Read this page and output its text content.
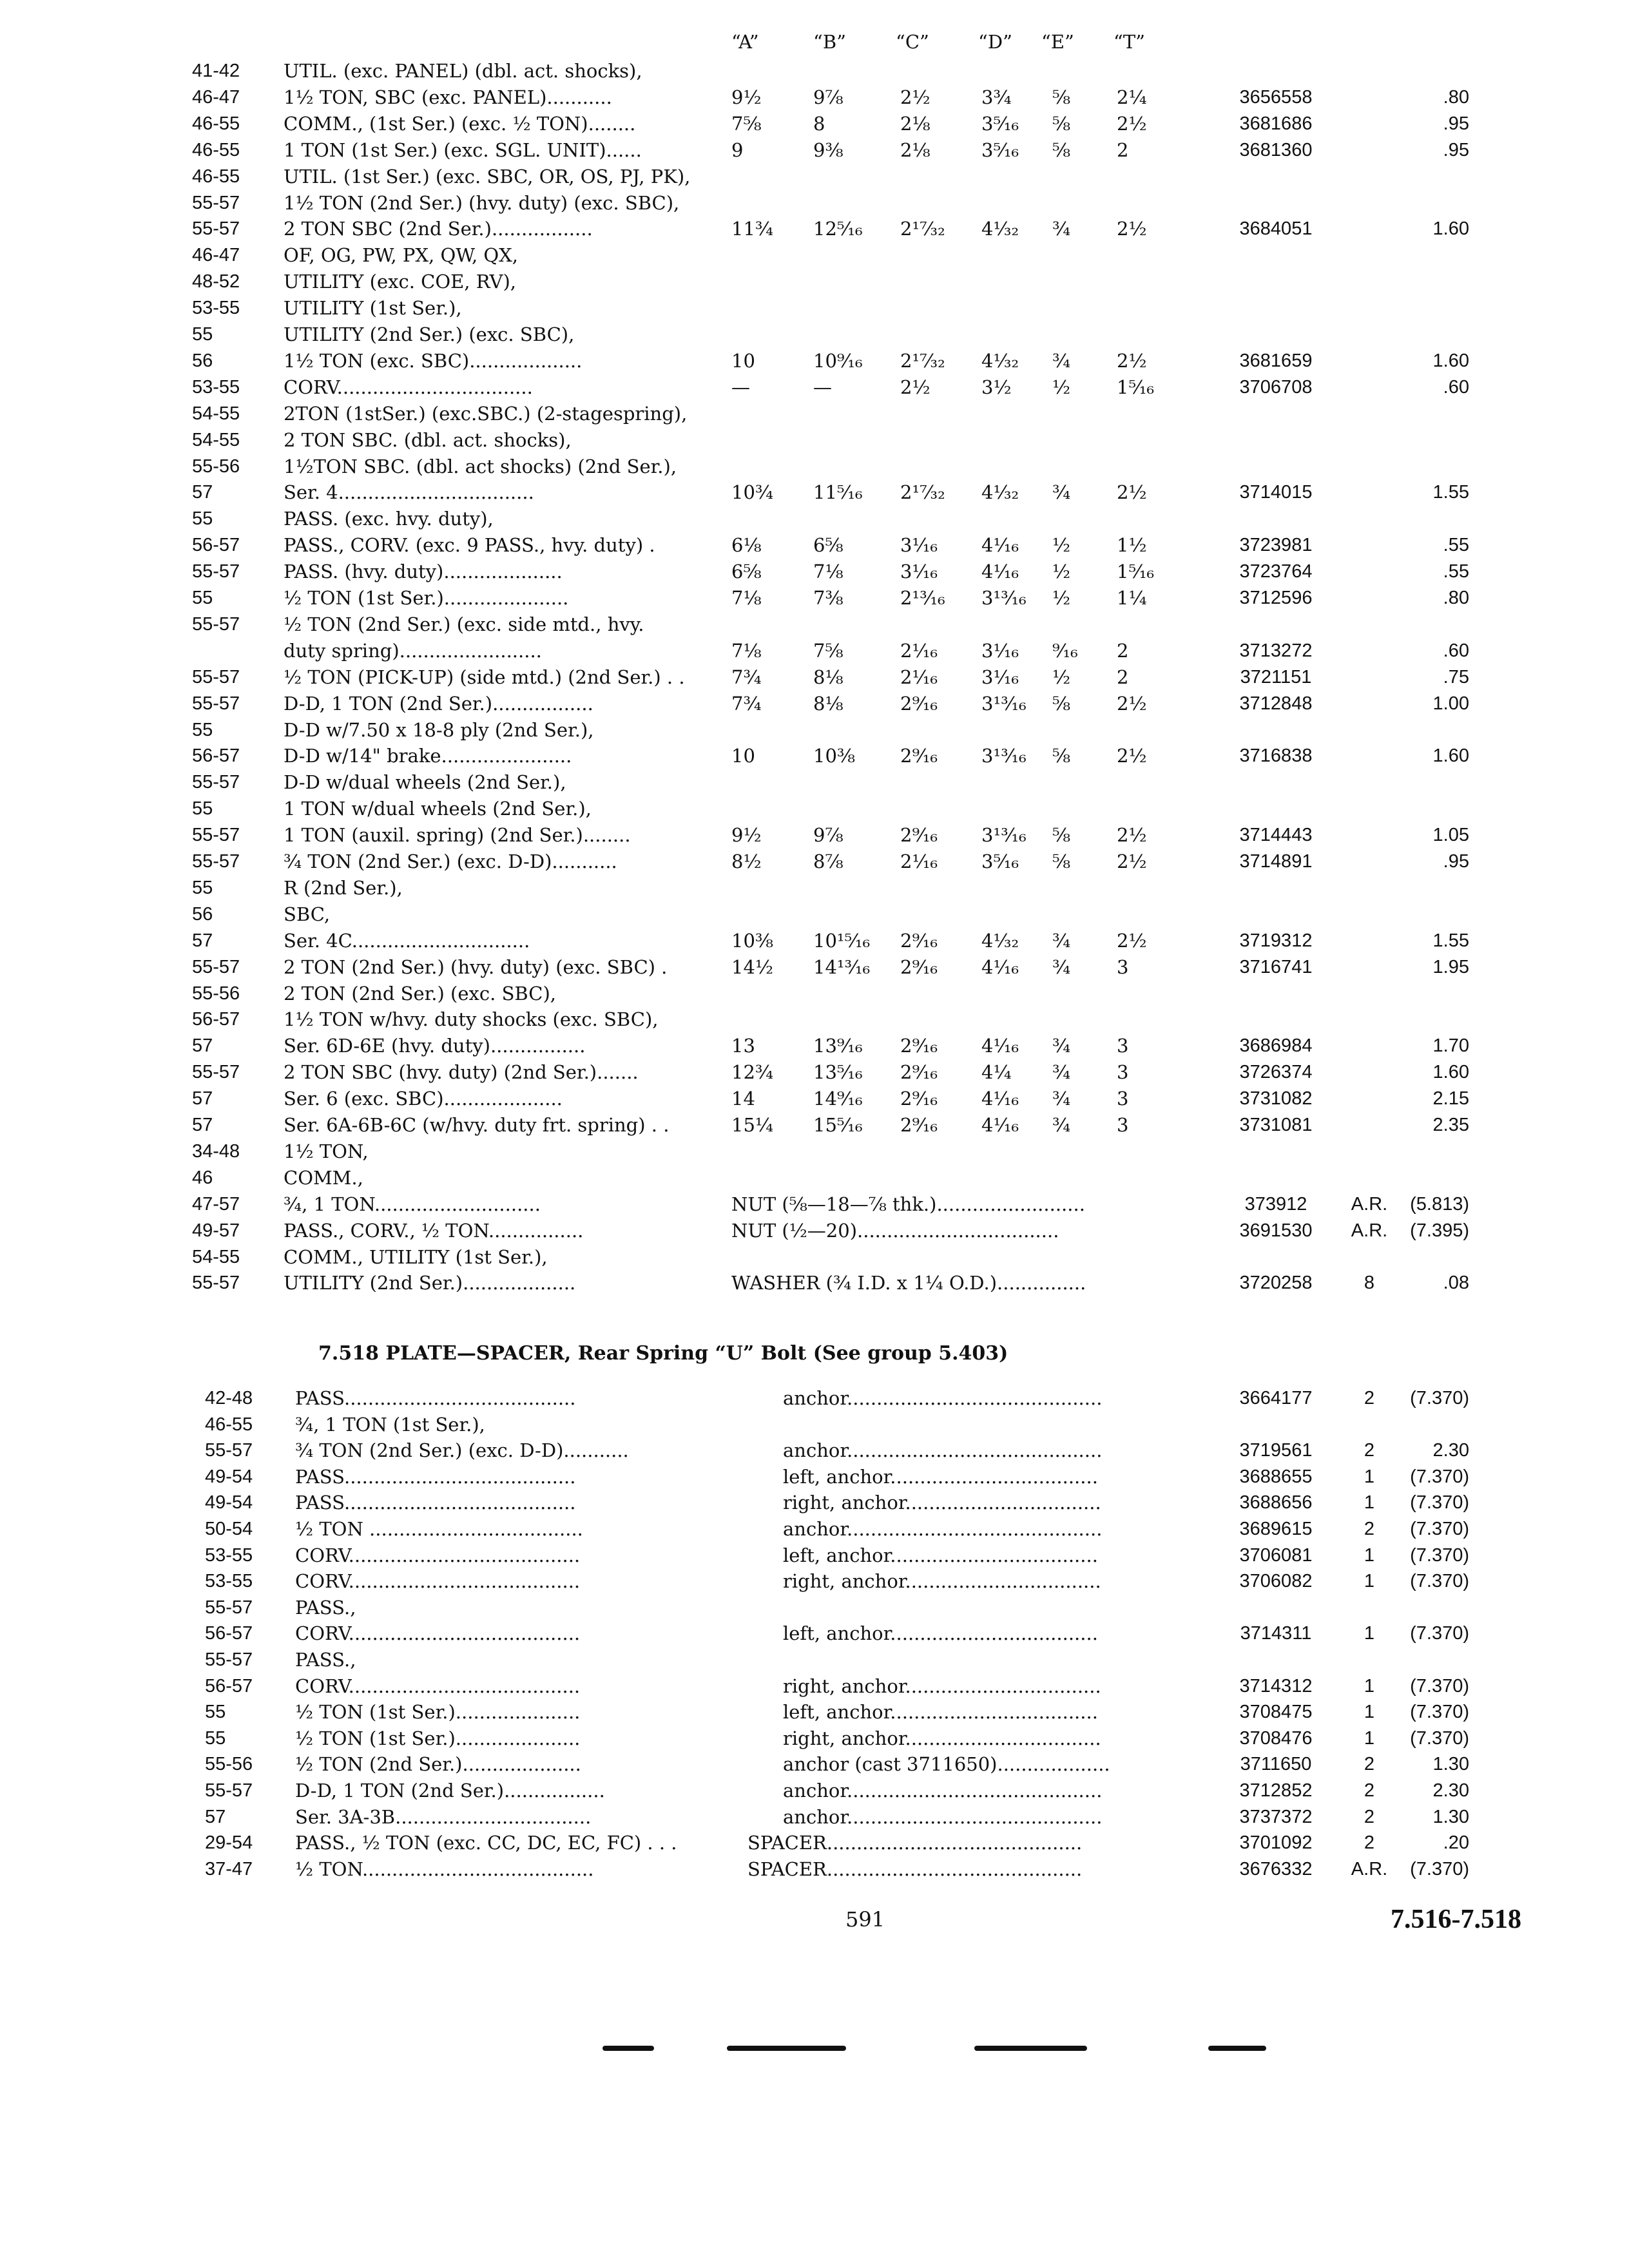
“A”	“B”	“C”	“D” “E” “T”
41-42 UTIL. (exc. PANEL) (dbl. act. shocks),
46-47 1½ TON, SBC (exc. PANEL)...........	9½	9⅞	2½	3¾ ⅝ 2¼	3656558	.80
46-55 COMM., (1st Ser.) (exc. ½ TON)........	7⅝	8	2⅛	3⁵⁄₁₆ ⅝ 2½	3681686	.95
46-55 1 TON (1st Ser.) (exc. SGL. UNIT)......	9	9⅜	2⅛	3⁵⁄₁₆ ⅝ 2	3681360	.95
46-55 UTIL. (1st Ser.) (exc. SBC, OR, OS, PJ, PK),
55-57 1½ TON (2nd Ser.) (hvy. duty) (exc. SBC),
55-57 2 TON SBC (2nd Ser.).................	11¾ 12⁵⁄₁₆ 2¹⁷⁄₃₂ 4¹⁄₃₂ ¾ 2½	3684051	1.60
46-47 OF, OG, PW, PX, QW, QX,
48-52 UTILITY (exc. COE, RV),
53-55 UTILITY (1st Ser.),
55	UTILITY (2nd Ser.) (exc. SBC),
56	1½ TON (exc. SBC)...................	10	10⁹⁄₁₆ 2¹⁷⁄₃₂ 4¹⁄₃₂ ¾ 2½	3681659	1.60
53-55 CORV.................................	—	—	2½	3½ ½ 1⁵⁄₁₆	3706708	.60
54-55 2TON (1stSer.) (exc.SBC.) (2-stagespring),
54-55 2 TON SBC. (dbl. act. shocks),
55-56 1½TON SBC. (dbl. act shocks) (2nd Ser.),
57	Ser. 4.................................	10¾ 11⁵⁄₁₆ 2¹⁷⁄₃₂ 4¹⁄₃₂ ¾ 2½	3714015	1.55
55	PASS. (exc. hvy. duty),
56-57 PASS., CORV. (exc. 9 PASS., hvy. duty) .	6⅛	6⅝	3¹⁄₁₆ 4¹⁄₁₆ ½ 1½	3723981	.55
55-57 PASS. (hvy. duty)....................	6⅝	7⅛	3¹⁄₁₆ 4¹⁄₁₆ ½ 1⁵⁄₁₆	3723764	.55
55	½ TON (1st Ser.).....................	7⅛	7⅜	2¹³⁄₁₆ 3¹³⁄₁₆ ½ 1¼	3712596	.80
55-57 ½ TON (2nd Ser.) (exc. side mtd., hvy.
duty spring)........................	7⅛	7⅝	2¹⁄₁₆ 3¹⁄₁₆ ⁹⁄₁₆ 2	3713272	.60
55-57 ½ TON (PICK-UP) (side mtd.) (2nd Ser.) . . 7¾	8⅛	2¹⁄₁₆ 3¹⁄₁₆ ½ 2	3721151	.75
55-57 D-D, 1 TON (2nd Ser.).................	7¾	8⅛	2⁹⁄₁₆ 3¹³⁄₁₆ ⅝ 2½	3712848	1.00
55	D-D w/7.50 x 18-8 ply (2nd Ser.),
56-57 D-D w/14" brake......................	10	10⅜ 2⁹⁄₁₆ 3¹³⁄₁₆ ⅝ 2½	3716838	1.60
55-57 D-D w/dual wheels (2nd Ser.),
55	1 TON w/dual wheels (2nd Ser.),
55-57 1 TON (auxil. spring) (2nd Ser.)........	9½	9⅞	2⁹⁄₁₆ 3¹³⁄₁₆ ⅝ 2½	3714443	1.05
55-57 ¾ TON (2nd Ser.) (exc. D-D)...........	8½	8⅞	2¹⁄₁₆ 3⁵⁄₁₆ ⅝ 2½	3714891	.95
55	R (2nd Ser.),
56	SBC,
57	Ser. 4C..............................	10⅜ 10¹⁵⁄₁₆ 2⁹⁄₁₆ 4¹⁄₃₂ ¾ 2½	3719312	1.55
55-57 2 TON (2nd Ser.) (hvy. duty) (exc. SBC) .	14½ 14¹³⁄₁₆ 2⁹⁄₁₆ 4¹⁄₁₆ ¾ 3	3716741	1.95
55-56 2 TON (2nd Ser.) (exc. SBC),
56-57 1½ TON w/hvy. duty shocks (exc. SBC),
57	Ser. 6D-6E (hvy. duty)................	13	13⁹⁄₁₆ 2⁹⁄₁₆ 4¹⁄₁₆ ¾ 3	3686984	1.70
55-57 2 TON SBC (hvy. duty) (2nd Ser.).......	12¾ 13⁵⁄₁₆ 2⁹⁄₁₆ 4¼ ¾ 3	3726374	1.60
57	Ser. 6 (exc. SBC)....................	14	14⁹⁄₁₆ 2⁹⁄₁₆ 4¹⁄₁₆ ¾ 3	3731082	2.15
57	Ser. 6A-6B-6C (w/hvy. duty frt. spring) . .	15¼ 15⁵⁄₁₆ 2⁹⁄₁₆ 4¹⁄₁₆ ¾ 3	3731081	2.35
34-48 1½ TON,
46	COMM.,
47-57 ¾, 1 TON............................	NUT (⅝—18—⅞ thk.).........................	373912	A.R.	(5.813)
49-57 PASS., CORV., ½ TON................	NUT (½—20)..................................	3691530	A.R.	(7.395)
54-55 COMM., UTILITY (1st Ser.),
55-57 UTILITY (2nd Ser.)...................	WASHER (¾ I.D. x 1¼ O.D.)...............	3720258	8	.08
7.518 PLATE—SPACER, Rear Spring “U” Bolt (See group 5.403)
42-48 PASS.......................................	anchor...........................................	3664177	2	(7.370)
46-55 ¾, 1 TON (1st Ser.),
55-57 ¾ TON (2nd Ser.) (exc. D-D)...........	anchor...........................................	3719561	2	2.30
49-54 PASS.......................................	left, anchor...................................	3688655	1	(7.370)
49-54 PASS.......................................	right, anchor.................................	3688656	1	(7.370)
50-54 ½ TON ....................................	anchor...........................................	3689615	2	(7.370)
53-55 CORV.......................................	left, anchor...................................	3706081	1	(7.370)
53-55 CORV.......................................	right, anchor.................................	3706082	1	(7.370)
55-57 PASS.,
56-57 CORV.......................................	left, anchor...................................	3714311	1	(7.370)
55-57 PASS.,
56-57 CORV.......................................	right, anchor.................................	3714312	1	(7.370)
55	½ TON (1st Ser.).....................	left, anchor...................................	3708475	1	(7.370)
55	½ TON (1st Ser.).....................	right, anchor.................................	3708476	1	(7.370)
55-56 ½ TON (2nd Ser.)....................	anchor (cast 3711650)...................	3711650	2	1.30
55-57 D-D, 1 TON (2nd Ser.).................	anchor...........................................	3712852	2	2.30
57	Ser. 3A-3B.................................	anchor...........................................	3737372	2	1.30
29-54 PASS., ½ TON (exc. CC, DC, EC, FC) . . .	SPACER...........................................	3701092	2	.20
37-47 ½ TON.......................................	SPACER...........................................	3676332	A.R.	(7.370)
591	7.516-7.518
